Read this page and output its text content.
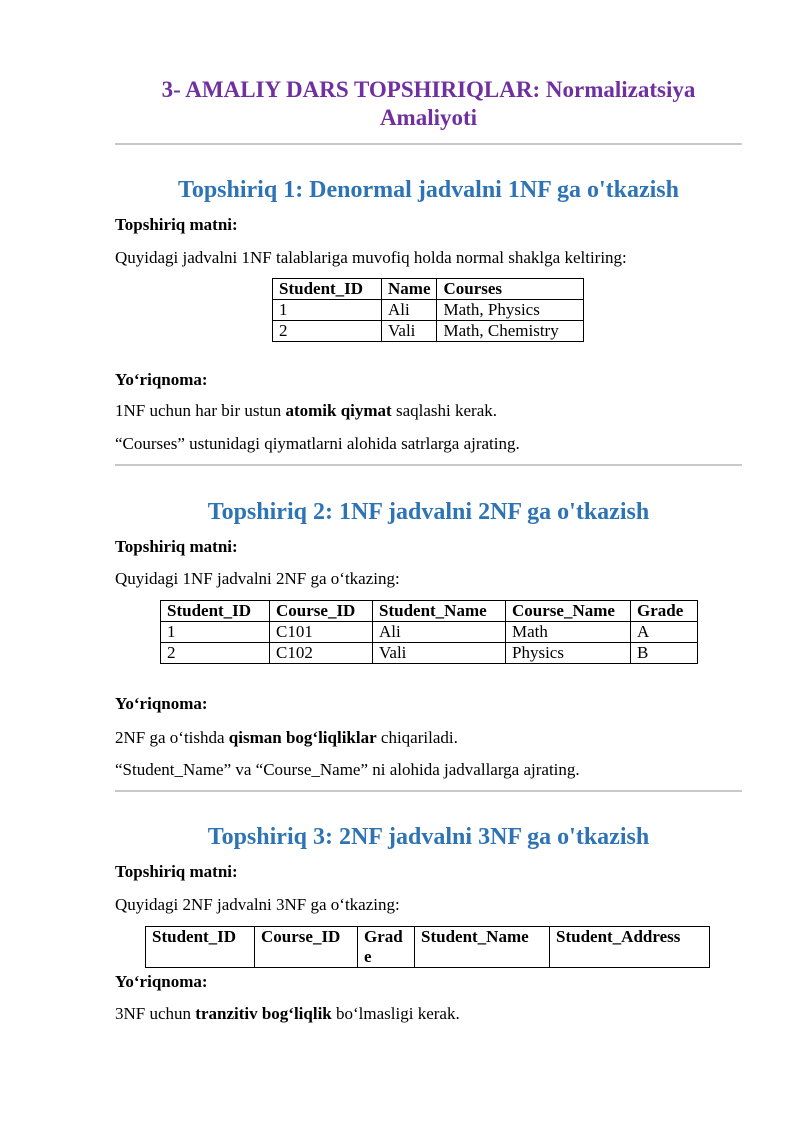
3- AMALIY DARS TOPSHIRIQLAR: Normalizatsiya Amaliyoti
Topshiriq 1: Denormal jadvalni 1NF ga o'tkazish
Topshiriq matni:
Quyidagi jadvalni 1NF talablariga muvofiq holda normal shaklga keltiring:
Student_ID	Name	Courses
1	Ali	Math, Physics
2	Vali	Math, Chemistry
Yo‘riqnoma:
1NF uchun har bir ustun atomik qiymat saqlashi kerak.
“Courses” ustunidagi qiymatlarni alohida satrlarga ajrating.
Topshiriq 2: 1NF jadvalni 2NF ga o'tkazish
Topshiriq matni:
Quyidagi 1NF jadvalni 2NF ga o‘tkazing:
Student_ID	Course_ID	Student_Name	Course_Name	Grade
1	C101	Ali	Math	A
2	C102	Vali	Physics	B
Yo‘riqnoma:
2NF ga o‘tishda qisman bog‘liqliklar chiqariladi.
“Student_Name” va “Course_Name” ni alohida jadvallarga ajrating.
Topshiriq 3: 2NF jadvalni 3NF ga o'tkazish
Topshiriq matni:
Quyidagi 2NF jadvalni 3NF ga o‘tkazing:
Student_ID	Course_ID	Grade	Student_Name	Student_Address
Yo‘riqnoma:
3NF uchun tranzitiv bog‘liqlik bo‘lmasligi kerak.
